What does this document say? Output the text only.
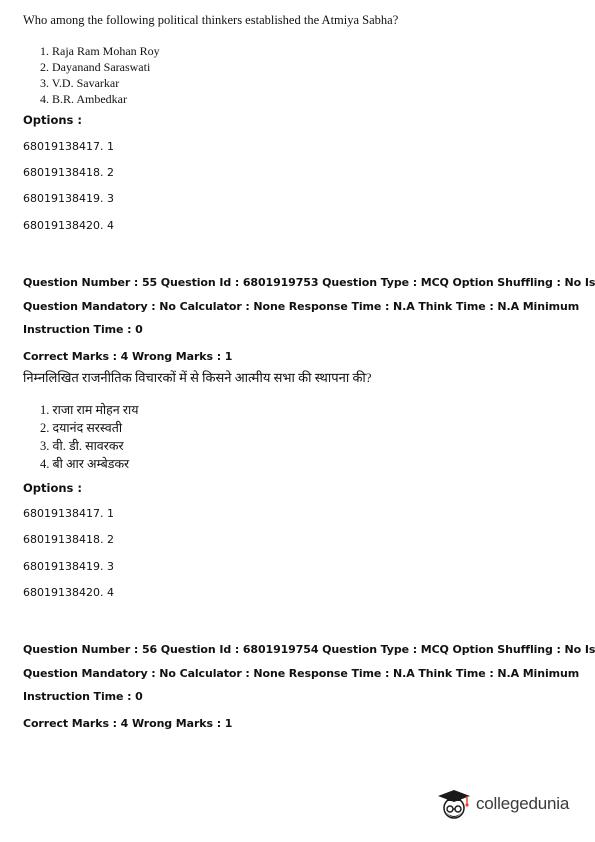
Who among the following political thinkers established the Atmiya Sabha?
1. Raja Ram Mohan Roy
2. Dayanand Saraswati
3. V.D. Savarkar
4. B.R. Ambedkar
Options :
68019138417. 1
68019138418. 2
68019138419. 3
68019138420. 4
Question Number : 55 Question Id : 6801919753 Question Type : MCQ Option Shuffling : No Is
Question Mandatory : No Calculator : None Response Time : N.A Think Time : N.A Minimum
Instruction Time : 0
Correct Marks : 4 Wrong Marks : 1
निम्नलिखित राजनीतिक विचारकों में से किसने आत्मीय सभा की स्थापना की?
1. राजा राम मोहन राय
2. दयानंद सरस्वती
3. वी. डी. सावरकर
4. बी आर अम्बेडकर
Options :
68019138417. 1
68019138418. 2
68019138419. 3
68019138420. 4
Question Number : 56 Question Id : 6801919754 Question Type : MCQ Option Shuffling : No Is
Question Mandatory : No Calculator : None Response Time : N.A Think Time : N.A Minimum
Instruction Time : 0
Correct Marks : 4 Wrong Marks : 1
collegedunia
